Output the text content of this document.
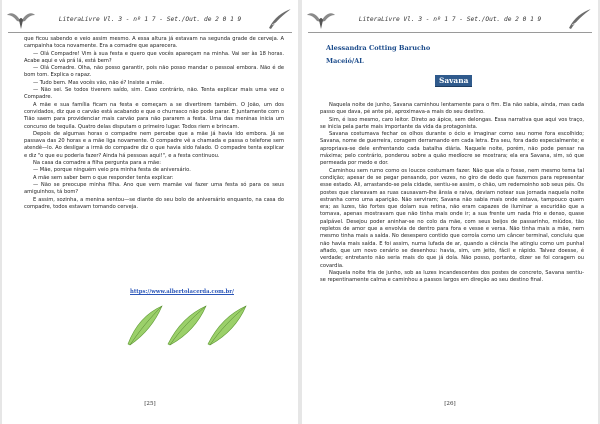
LiteraLivre Vl. 3 - nº 1 7 - Set./Out. de 2 0 1 9

que ficou sabendo e veio assim mesmo. A essa altura já estavam na segunda grade de cerveja. A campainha toca novamente. Era a comadre que aparecera.

— Olá Compadre! Vim à sua festa e quero que vocês apareçam na minha. Vai ser às 18 horas. Acabe aqui e vá prá lá, está bem?

— Olá Comadre. Olha, não posso garantir, pois não posso mandar o pessoal embora. Não é de bom tom. Explica o rapaz.

— Tudo bem. Mas vocês vão, não é? Insiste a mãe.

— Não sei. Se todos tiverem saído, sim. Caso contrário, não. Tenta explicar mais uma vez o Compadre.

A mãe e sua família ficam na festa e começam a se divertirem também. O João, um dos convidados, diz que o carvão está acabando e que o churrasco não pode parar. E juntamente com o Tião saem para providenciar mais carvão para não pararem a festa. Uma das meninas inicia um concurso de tequila. Quatro delas disputam o primeiro lugar. Todos riem e brincam.

Depois de algumas horas o compadre nem percebe que a mãe já havia ido embora. Já se passava das 20 horas e a mãe liga novamente. O compadre vê a chamada e passa o telefone sem atendê—lo. Ao desligar a irmã do compadre diz o que havia sido falado. O compadre tenta explicar e diz "o que eu poderia fazer? Ainda há pessoas aqui!", e a festa continuou.

Na casa da comadre a filha pergunta para a mãe:

— Mãe, porque ninguém veio pra minha festa de aniversário.

A mãe sem saber bem o que responder tenta explicar:

— Não se preocupe minha filha. Ano que vem mamãe vai fazer uma festa só para os seus amiguinhos, tá bom?

E assim, sozinha, a menina sentou—se diante do seu bolo de aniversário enquanto, na casa do compadre, todos estavam tomando cerveja.

https://www.albertolacerda.com.br/
[25]
LiteraLivre Vl. 3 - nº 1 7 - Set./Out. de 2 0 1 9
Alessandra Cotting Barucho
Maceió/AL
Savana

Naquela noite de junho, Savana caminhou lentamente para o fim. Ela não sabia, ainda, mas cada passo que dava, pé ante pé, aproximava-a mais do seu destino.

Sim, é isso mesmo, caro leitor. Direto ao ápice, sem delongas. Essa narrativa que aqui vos traço, se inicia pela parte mais importante da vida da protagonista.

Savana costumava fechar os olhos durante o ócio e imaginar como seu nome fora escolhido; Savana, nome de guerreira, coragem derramando em cada letra. Era seu, fora dado especialmente; e apropriava-se dele enfrentando cada batalha diária. Naquele noite, porém, não pode pensar na máxima; pelo contrário, ponderou sobre a quão medíocre se mostrara; ela era Savana, sim, só que permeada por medo e dor.

Caminhou sem rumo como os loucos costumam fazer. Não que ela o fosse, nem mesmo tema tal condição; apesar de se pegar pensando, por vezes, no giro de dedo que fazemos para representar esse estado. Ali, arrastando-se pela cidade, sentiu-se assim, o chão, um redemoinho sob seus pés. Os postes que clareavam as ruas causavam-lhe ânsia e raiva, deviam notear sua jornada naquela noite estranha como uma aparição. Não serviram; Savana não sabia mais onde estava, tampouco quem era; as luzes, tão fortes que doíam sua retina, não eram capazes de iluminar a escuridão que a tomava, apenas mostravam que não tinha mais onde ir; a sua frente um nada frio e denso, quase palpável. Desejou poder aninhar-se no colo da mãe, com seus beijos de passarinho, miúdos, tão repletos de amor que a envolvia de dentro para fora e vesse e versa. Não tinha mais a mãe, nem mesmo tinha mais a saída. No desespero contido que corroía como um câncer terminal, concluiu que não havia mais saída. E foi assim, numa lufada de ar, quando a ciência lhe atingiu como um punhal afiado, que um novo cenário se desenhou: havia, sim, um jeito, fácil e rápido. Talvez doesse, é verdade; entretanto não seria mais do que já doía. Não posso, portanto, dizer se foi coragem ou covardia.

Naquela noite fria de junho, sob as luzes incandescentes dos postes de concreto, Savana sentiu-se repentinamente calma e caminhou a passos largos em direção ao seu destino final.

[26]
